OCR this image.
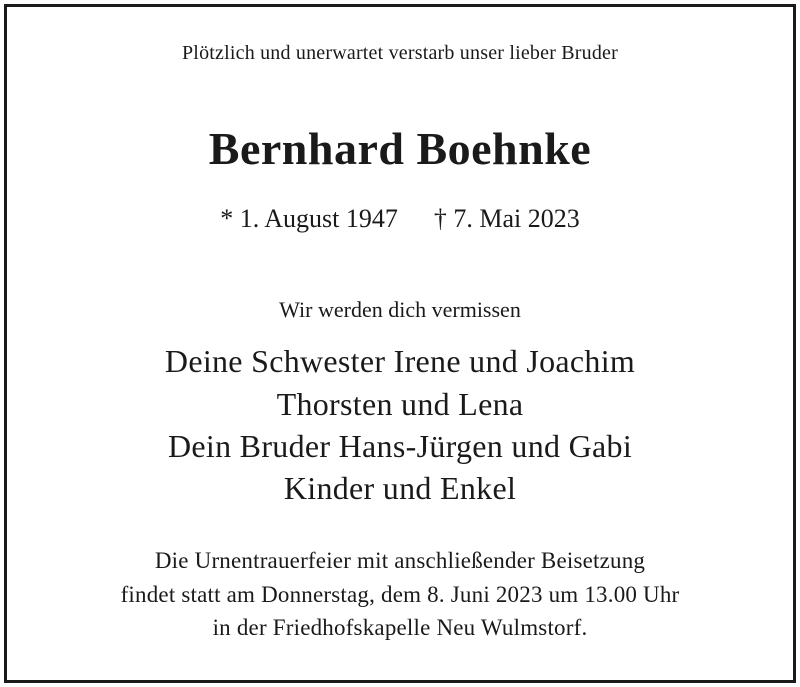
Plötzlich und unerwartet verstarb unser lieber Bruder
Bernhard Boehnke
* 1. August 1947 † 7. Mai 2023
Wir werden dich vermissen
Deine Schwester Irene und Joachim
Thorsten und Lena
Dein Bruder Hans-Jürgen und Gabi
Kinder und Enkel
Die Urnentrauerfeier mit anschließender Beisetzung
findet statt am Donnerstag, dem 8. Juni 2023 um 13.00 Uhr
in der Friedhofskapelle Neu Wulmstorf.
